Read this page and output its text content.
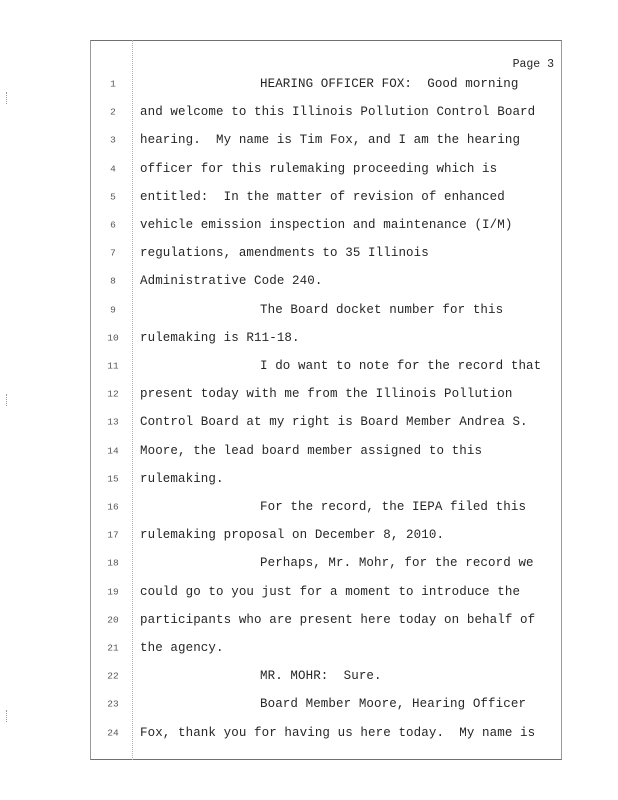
Page 3
1	HEARING OFFICER FOX:  Good morning
2	and welcome to this Illinois Pollution Control Board
3	hearing.  My name is Tim Fox, and I am the hearing
4	officer for this rulemaking proceeding which is
5	entitled:  In the matter of revision of enhanced
6	vehicle emission inspection and maintenance (I/M)
7	regulations, amendments to 35 Illinois
8	Administrative Code 240.
9	The Board docket number for this
10	rulemaking is R11-18.
11	I do want to note for the record that
12	present today with me from the Illinois Pollution
13	Control Board at my right is Board Member Andrea S.
14	Moore, the lead board member assigned to this
15	rulemaking.
16	For the record, the IEPA filed this
17	rulemaking proposal on December 8, 2010.
18	Perhaps, Mr. Mohr, for the record we
19	could go to you just for a moment to introduce the
20	participants who are present here today on behalf of
21	the agency.
22	MR. MOHR:  Sure.
23	Board Member Moore, Hearing Officer
24	Fox, thank you for having us here today.  My name is
